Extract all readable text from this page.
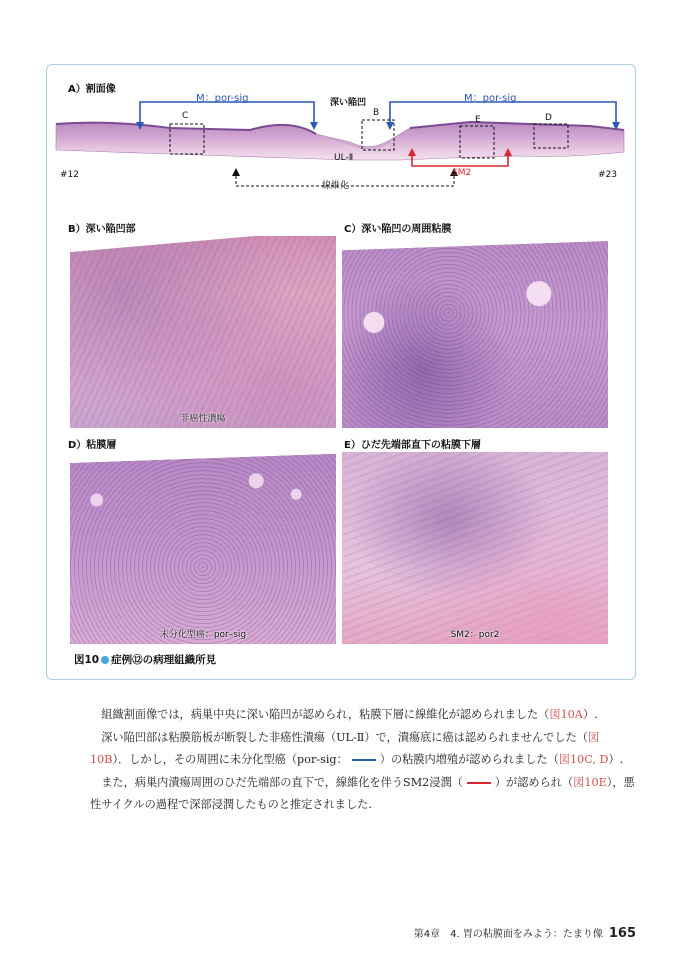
A）割面像
M：por-sig	M：por-sig
深い陥凹
C	B
E	D
UL-Ⅱ
#12	#23
SM2
線維化
B）深い陥凹部
非癌性潰瘍
C）深い陥凹の周囲粘膜
D）粘膜層
未分化型癌：por–sig
E）ひだ先端部直下の粘膜下層
SM2：por2
図10 症例⑫の病理組織所見

組織割面像では，病巣中央に深い陥凹が認められ，粘膜下層に線維化が認められました（図10A）.

深い陥凹部は粘膜筋板が断裂した非癌性潰瘍（UL-Ⅱ）で，潰瘍底に癌は認められませんでした（図10B）．しかし，その周囲に未分化型癌（por-sig：	）の粘膜内増殖が認められました（図10C, D）.

また，病巣内潰瘍周囲のひだ先端部の直下で，線維化を伴うSM2浸潤（	）が認められ（図10E），悪性サイクルの過程で深部浸潤したものと推定されました.

第4章　4. 胃の粘膜面をみよう：たまり像 165
